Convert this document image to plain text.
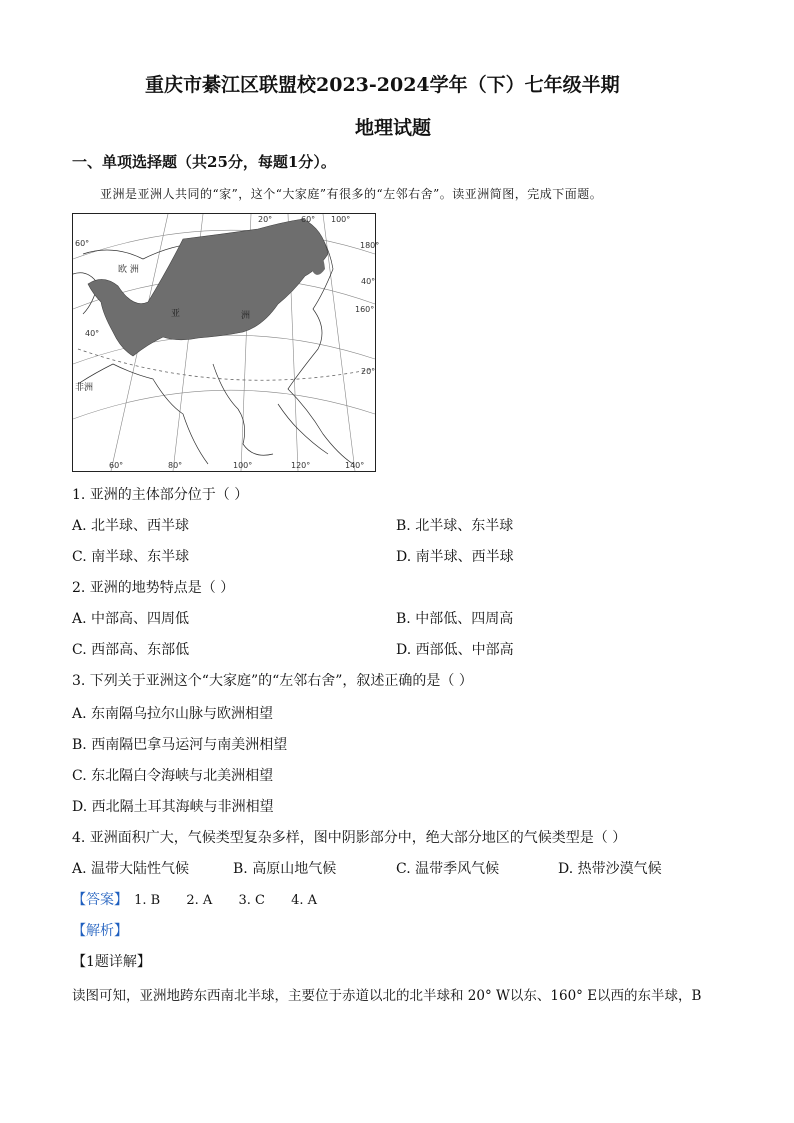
重庆市綦江区联盟校2023-2024学年（下）七年级半期
地理试题
一、单项选择题（共25分，每题1分）。
亚洲是亚洲人共同的“家”，这个“大家庭”有很多的“左邻右舍”。读亚洲简图，完成下面题。
20°	60° 100°
180°
40°
160°
40°
60°
20°
60°	80°	100°	120°	140°
欧 洲
亚	洲
非洲
1. 亚洲的主体部分位于（ ）
A. 北半球、西半球	B. 北半球、东半球
C. 南半球、东半球	D. 南半球、西半球
2. 亚洲的地势特点是（ ）
A. 中部高、四周低	B. 中部低、四周高
C. 西部高、东部低	D. 西部低、中部高
3. 下列关于亚洲这个“大家庭”的“左邻右舍”，叙述正确的是（ ）
A. 东南隔乌拉尔山脉与欧洲相望
B. 西南隔巴拿马运河与南美洲相望
C. 东北隔白令海峡与北美洲相望
D. 西北隔土耳其海峡与非洲相望
4. 亚洲面积广大，气候类型复杂多样，图中阴影部分中，绝大部分地区的气候类型是（ ）
A. 温带大陆性气候	B. 高原山地气候	C. 温带季风气候	D. 热带沙漠气候
【答案】 1. B 2. A 3. C 4. A
【解析】
【1题详解】
读图可知，亚洲地跨东西南北半球，主要位于赤道以北的北半球和 20° W以东、160° E以西的东半球，B
